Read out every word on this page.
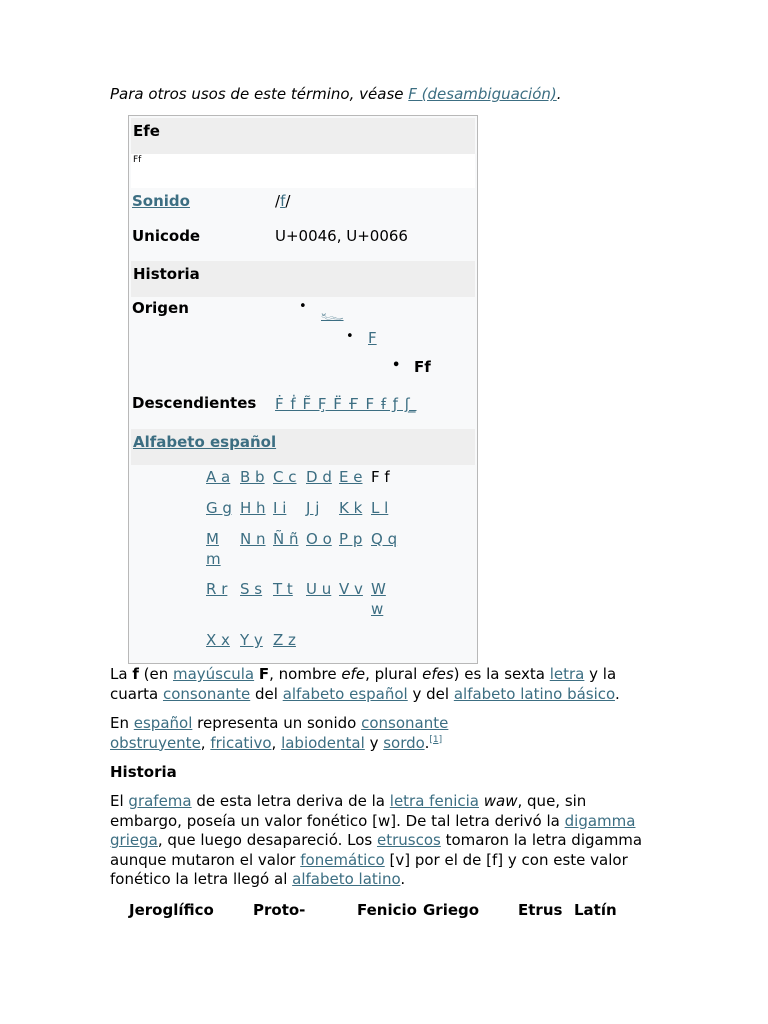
Para otros usos de este término, véase F (desambiguación).
Efe
Ff
Historia
Alfabeto español
Sonido	/f/
Unicode	U+0046, U+0066
Origen
•	𓆑
• F
• Ff
Descendientes Ḟ ḟ F̃ F̧ F̈ Ғ F ꞙ ƒ ʃ ̲
A a B b C c D d E e F f
G g H h I i J j K k L l
M m
N n Ñ ñ O o P p Q q
R r S s T t U u V v W w
X x Y y Z z
La f (en mayúscula F, nombre efe, plural efes) es la sexta letra y la cuarta consonante del alfabeto español y del alfabeto latino básico.
En español representa un sonido consonante obstruyente, fricativo, labiodental y sordo.[1]
Historia
El grafema de esta letra deriva de la letra fenicia waw, que, sin embargo, poseía un valor fonético [w]. De tal letra derivó la digamma griega, que luego desapareció. Los etruscos tomaron la letra digamma aunque mutaron el valor fonemático [v] por el de [f] y con este valor fonético la letra llegó al alfabeto latino.
Jeroglífico	Proto-	Fenicio Griego	Etrus Latín
